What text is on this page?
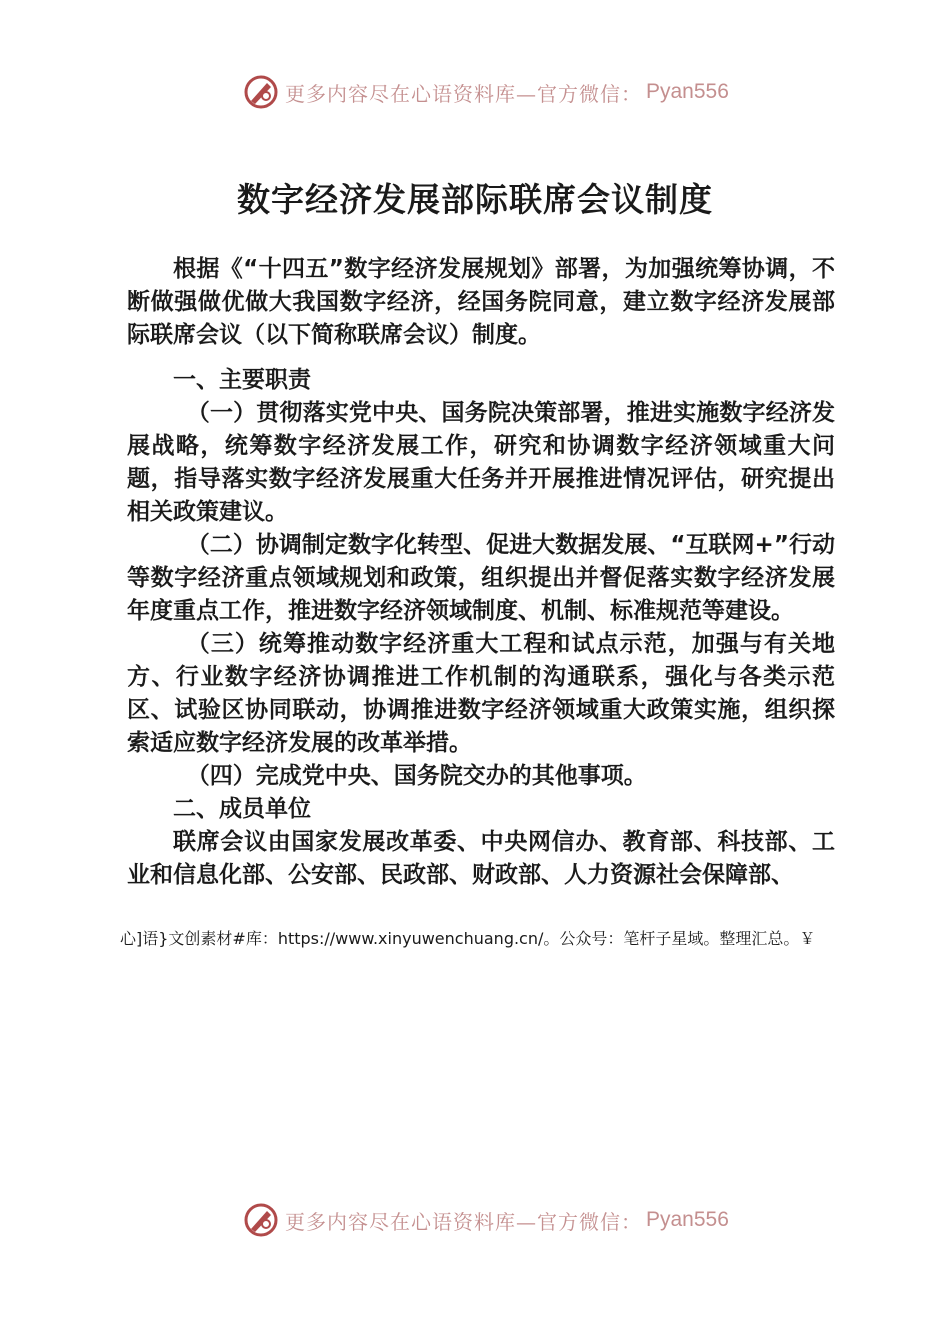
更多内容尽在心语资料库—官方微信： Pyan556
数字经济发展部际联席会议制度

根据《“十四五”数字经济发展规划》部署，为加强统筹协调，不断做强做优做大我国数字经济，经国务院同意，建立数字经济发展部际联席会议（以下简称联席会议）制度。

一、主要职责

（一）贯彻落实党中央、国务院决策部署，推进实施数字经济发展战略，统筹数字经济发展工作，研究和协调数字经济领域重大问题，指导落实数字经济发展重大任务并开展推进情况评估，研究提出相关政策建议。

（二）协调制定数字化转型、促进大数据发展、“互联网+”行动等数字经济重点领域规划和政策，组织提出并督促落实数字经济发展年度重点工作，推进数字经济领域制度、机制、标准规范等建设。

（三）统筹推动数字经济重大工程和试点示范，加强与有关地方、行业数字经济协调推进工作机制的沟通联系，强化与各类示范区、试验区协同联动，协调推进数字经济领域重大政策实施，组织探索适应数字经济发展的改革举措。

（四）完成党中央、国务院交办的其他事项。

二、成员单位

联席会议由国家发展改革委、中央网信办、教育部、科技部、工业和信息化部、公安部、民政部、财政部、人力资源社会保障部、

心]语}文创素材#库：https://www.xinyuwenchuang.cn/。公众号：笔杆子星域。整理汇总。￥
更多内容尽在心语资料库—官方微信： Pyan556
